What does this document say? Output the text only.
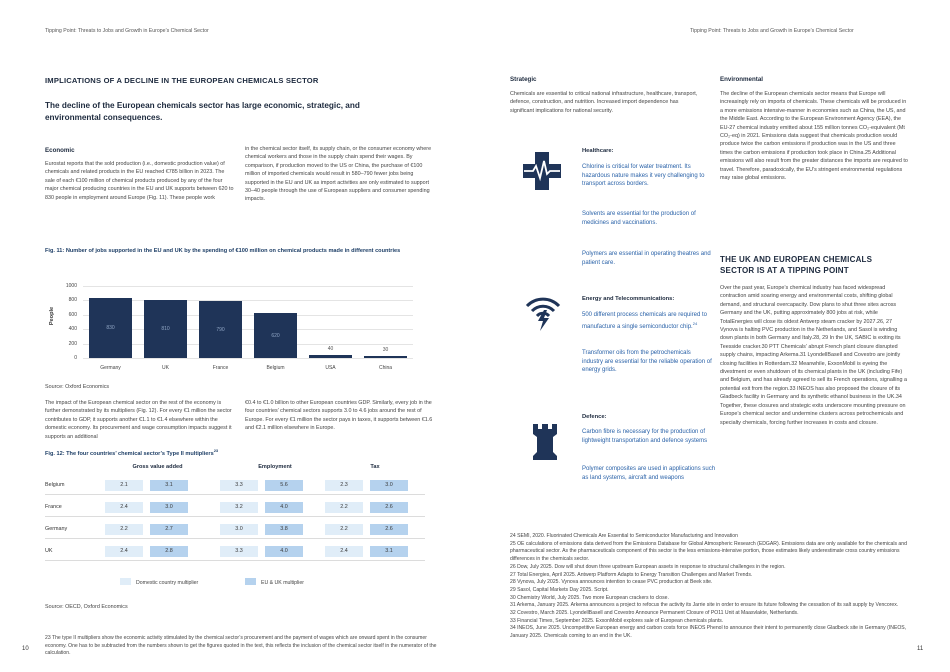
Tipping Point: Threats to Jobs and Growth in Europe’s Chemical Sector	Tipping Point: Threats to Jobs and Growth in Europe’s Chemical Sector
IMPLICATIONS OF A DECLINE IN THE EUROPEAN CHEMICALS SECTOR
The decline of the European chemicals sector has large economic, strategic, and environmental consequences.
Economic
Eurostat reports that the sold production (i.e., domestic production value) of chemicals and related products in the EU reached €785 billion in 2023. The sale of each €100 million of chemical products produced by any of the four major chemical producing countries in the EU and UK supports between 620 to 830 people in employment around Europe (Fig. 11). These people work
in the chemical sector itself, its supply chain, or the consumer economy where chemical workers and those in the supply chain spend their wages. By comparison, if production moved to the US or China, the purchase of €100 million of imported chemicals would result in 580–790 fewer jobs being supported in the EU and UK as import activities are only estimated to support 30–40 people through the use of European suppliers and consumer spending impacts.
Fig. 11: Number of jobs supported in the EU and UK by the spending of €100 million on chemical products made in different countries
People
0
200
400
600
800
1000
830
Germany
810
UK
790
France
620
Belgium
40
USA
30
China
Source: Oxford Economics
The impact of the European chemical sector on the rest of the economy is further demonstrated by its multipliers (Fig. 12). For every €1 million the sector contributes to GDP, it supports another €1.1 to €1.4 elsewhere within the domestic economy. Its procurement and wage consumption impacts suggest it supports an additional
€0.4 to €1.0 billion to other European countries GDP. Similarly, every job in the four countries’ chemical sectors supports 3.0 to 4.6 jobs around the rest of Europe. For every €1 million the sector pays in taxes, it supports between €1.6 and €2.1 million elsewhere in Europe.
Fig. 12: The four countries’ chemical sector’s Type II multipliers$^{23}$
Gross value added	Employment	Tax
Belgium	2.1	3.1	3.3	5.6	2.3	3.0
France	2.4	3.0	3.2	4.0	2.2	2.6
Germany	2.2	2.7	3.0	3.8	2.2	2.6
UK	2.4	2.8	3.3	4.0	2.4	3.1
Domestic country multiplier	EU & UK multiplier
Source: OECD, Oxford Economics
23 The type II multipliers show the economic activity stimulated by the chemical sector’s procurement and the payment of wages which are onward spent in the consumer economy. One has to be subtracted from the numbers shown to get the figures quoted in the text, this reflects the inclusion of the chemical sector itself in the numerator of the calculation.
10
Strategic
Chemicals are essential to critical national infrastructure, healthcare, transport, defence, construction, and nutrition. Increased import dependence has significant implications for national security.
Healthcare:
Chlorine is critical for water treatment. Its hazardous nature makes it very challenging to transport across borders.
Solvents are essential for the production of medicines and vaccinations.
Polymers are essential in operating theatres and patient care.
Energy and Telecommunications:
500 different process chemicals are required to manufacture a single semiconductor chip.$^{24}$
Transformer oils from the petrochemicals industry are essential for the reliable operation of energy grids.
Defence:
Carbon fibre is necessary for the production of lightweight transportation and defence systems
Polymer composites are used in applications such as land systems, aircraft and weapons
Environmental
The decline of the European chemicals sector means that Europe will increasingly rely on imports of chemicals. These chemicals will be produced in a more emissions intensive-manner in economies such as China, the US, and the Middle East. According to the European Environment Agency (EEA), the EU-27 chemical industry emitted about 155 million tonnes CO₂-equivalent (Mt CO₂-eq) in 2021. Emissions data suggest that chemicals production would produce twice the carbon emissions if production was in the US and three times the carbon emissions if production took place in China.25 Additional emissions will also result from the greater distances the imports are required to travel. Therefore, paradoxically, the EU’s stringent environmental regulations may raise global emissions.
THE UK AND EUROPEAN CHEMICALS SECTOR IS AT A TIPPING POINT
Over the past year, Europe’s chemical industry has faced widespread contraction amid soaring energy and environmental costs, shifting global demand, and structural overcapacity. Dow plans to shut three sites across Germany and the UK, putting approximately 800 jobs at risk, while TotalEnergies will close its oldest Antwerp steam cracker by 2027.26, 27 Vynova is halting PVC production in the Netherlands, and Sasol is winding down plants in both Germany and Italy.28, 29 In the UK, SABIC is exiting its Teesside cracker.30 PTT Chemicals’ abrupt French plant closure disrupted supply chains, impacting Arkema.31 LyondellBasell and Covestro are jointly closing facilities in Rotterdam.32 Meanwhile, ExxonMobil is eyeing the divestment or even shutdown of its chemical plants in the UK (including Fife) and Belgium, and has already agreed to sell its French operations, signalling a potential exit from the region.33 INEOS has also proposed the closure of its Gladbeck facility in Germany and its synthetic ethanol business in the UK.34 Together, these closures and strategic exits underscore mounting pressure on Europe’s chemical sector and undermine clusters across petrochemicals and specialty chemicals, forcing further increases in costs and closure.
24 SEMI, 2020. Fluorinated Chemicals Are Essential to Semiconductor Manufacturing and Innovation
25 OE calculations of emissions data derived from the Emissions Database for Global Atmospheric Research (EDGAR). Emissions data are only available for the chemicals and pharmaceutical sector. As the pharmaceuticals component of this sector is the less emissions-intensive portion, those estimates likely underestimate cross country emissions differences in the chemicals sector.
26 Dow, July 2025. Dow will shut down three upstream European assets in response to structural challenges in the region.
27 Total Energies, April 2025. Antwerp Platform Adapts to Energy Transition Challenges and Market Trends.
28 Vynova, July 2025. Vynova announces intention to cease PVC production at Beek site.
29 Sasol, Capital Markets Day 2025. Script.
30 Chemistry World, July 2025. Two more European crackers to close.
31 Arkema, January 2025. Arkema announces a project to refocus the activity its Jarrie site in order to ensure its future following the cessation of its salt supply by Vencorex.
32 Covestro, March 2025. LyondellBasell and Covestro Announce Permanent Closure of PO11 Unit at Maasvlakte, Netherlands.
33 Financial Times, September 2025. ExxonMobil explores sale of European chemicals plants.
34 INEOS, June 2025. Uncompetitive European energy and carbon costs force INEOS Phenol to announce their intent to permanently close Gladbeck site in Germany (INEOS, January 2025. Chemicals coming to an end in the UK.
11
